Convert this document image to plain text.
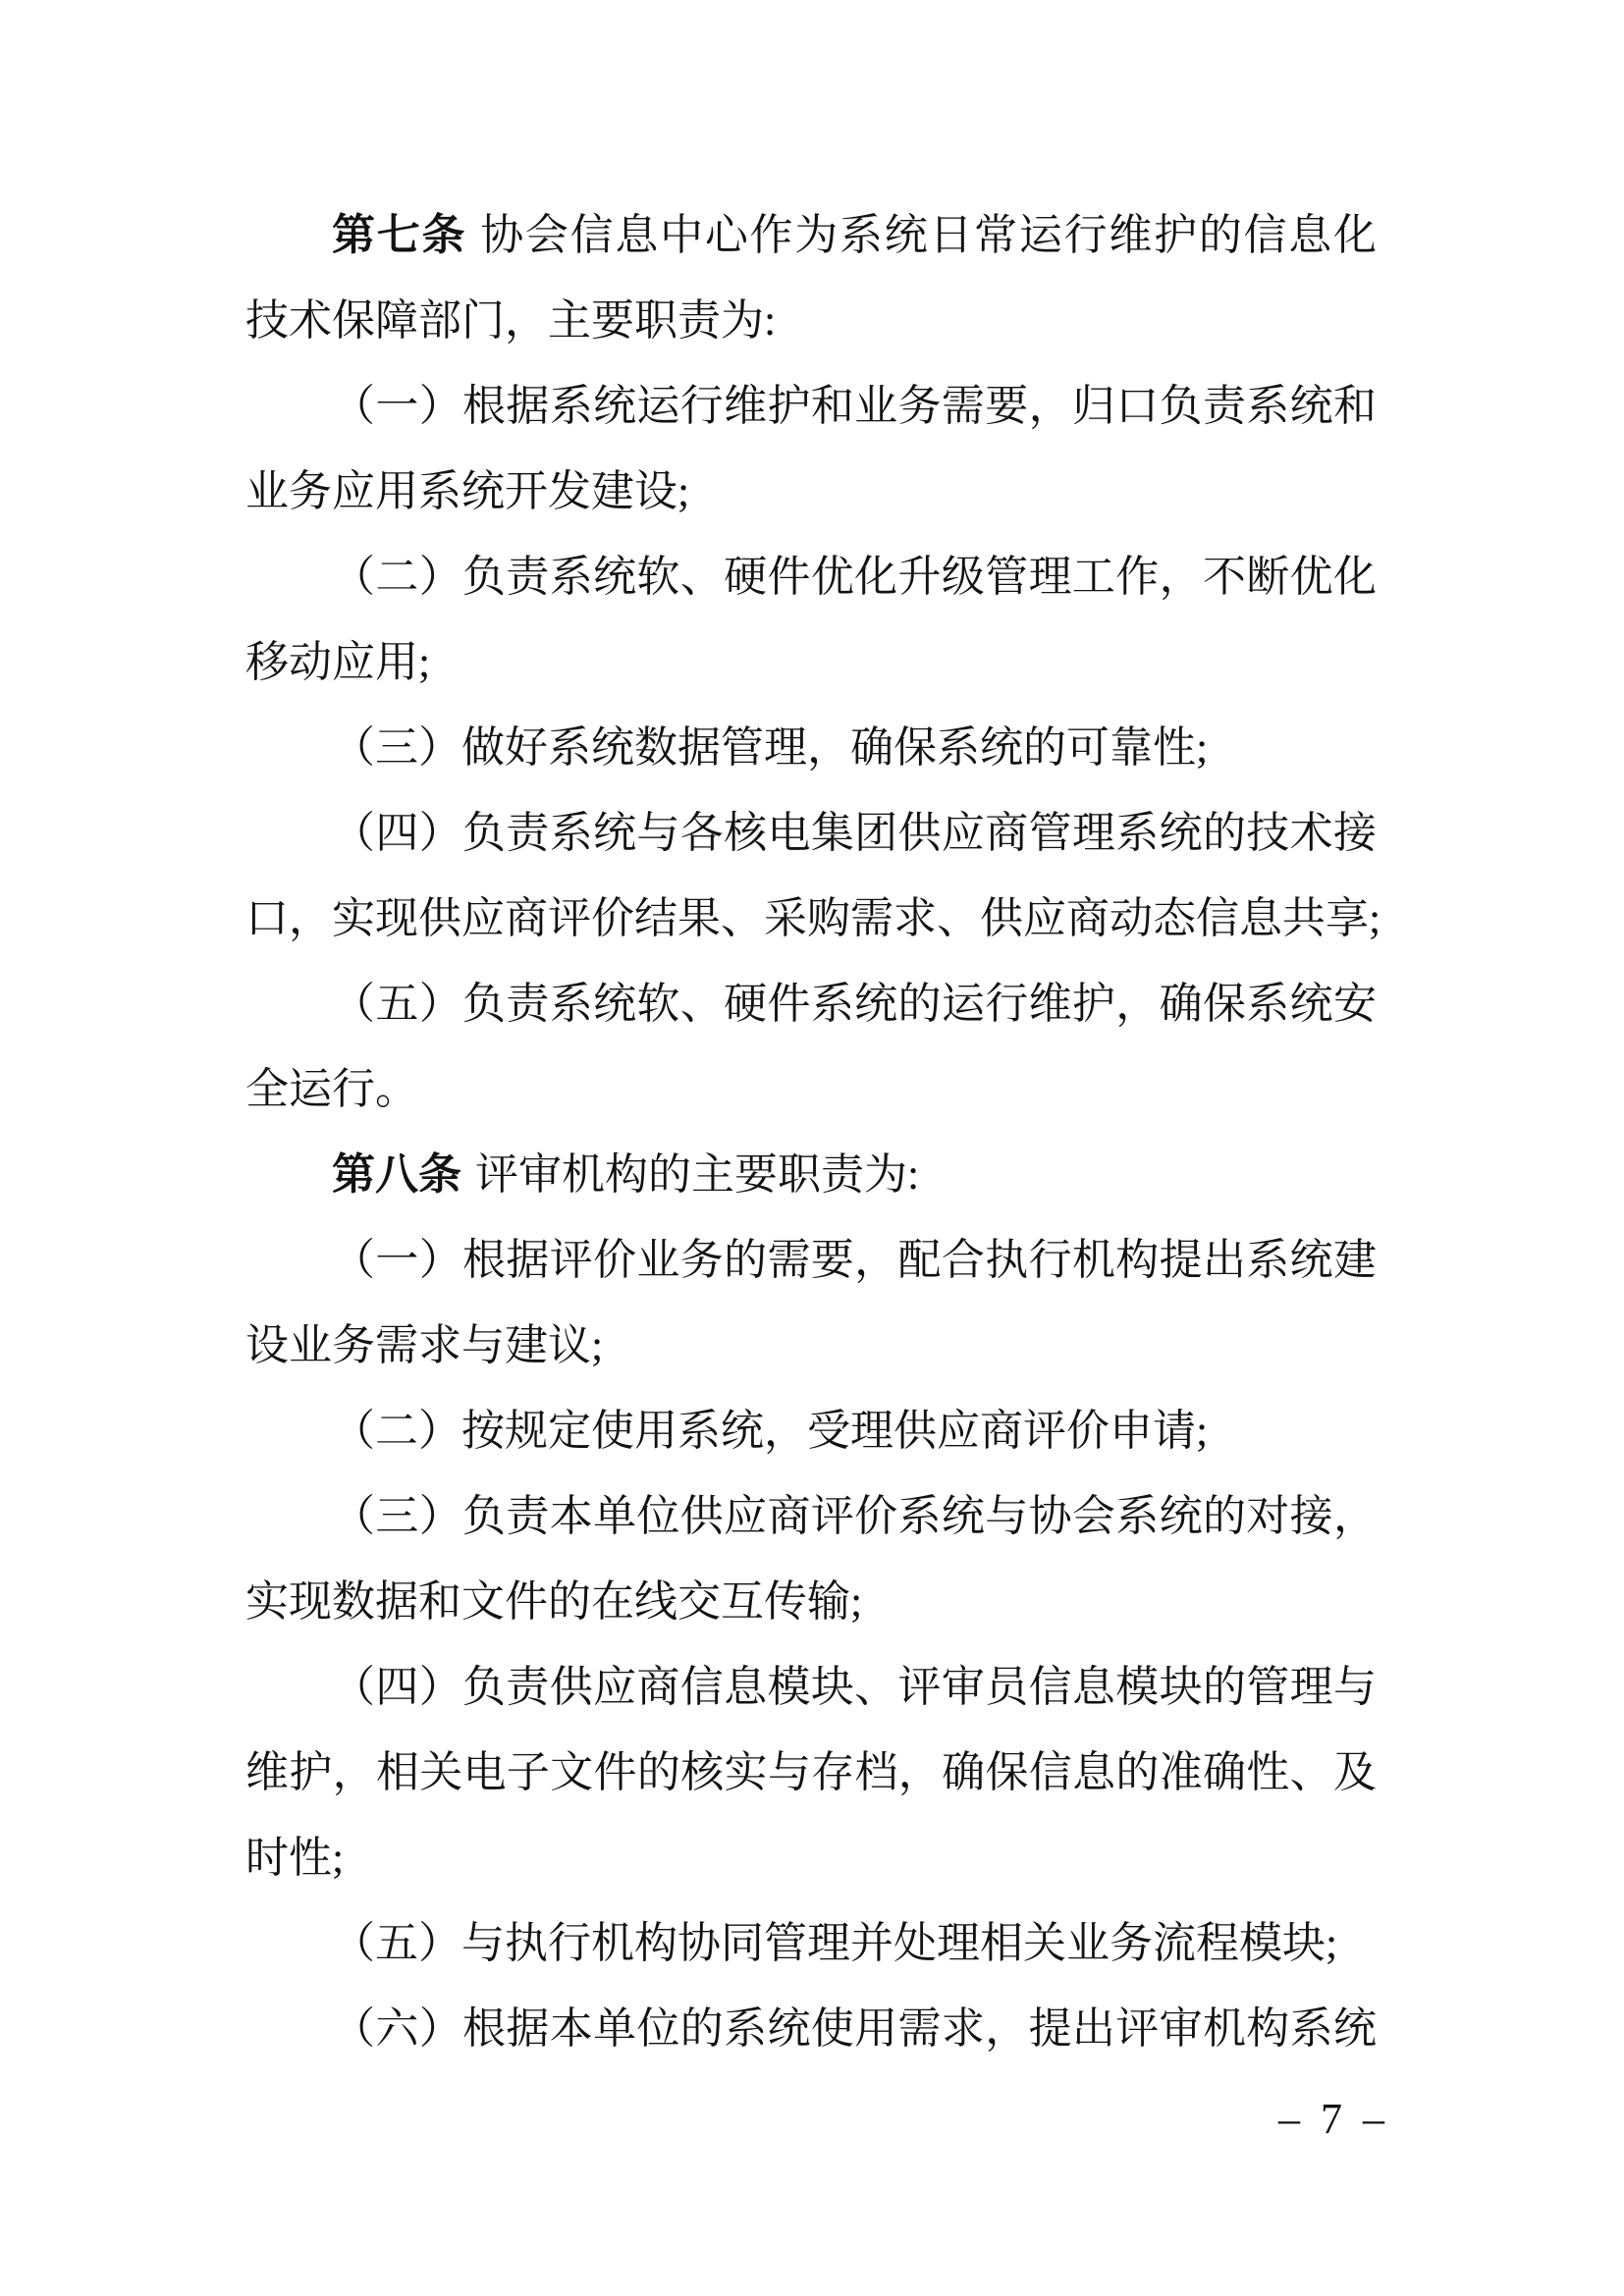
第七条 协会信息中心作为系统日常运行维护的信息化
技术保障部门，主要职责为:
（一）根据系统运行维护和业务需要，归口负责系统和
业务应用系统开发建设;
（二）负责系统软、硬件优化升级管理工作，不断优化
移动应用;
（三）做好系统数据管理，确保系统的可靠性;
（四）负责系统与各核电集团供应商管理系统的技术接
口，实现供应商评价结果、采购需求、供应商动态信息共享;
（五）负责系统软、硬件系统的运行维护，确保系统安
全运行。
第八条 评审机构的主要职责为:
（一）根据评价业务的需要，配合执行机构提出系统建
设业务需求与建议;
（二）按规定使用系统，受理供应商评价申请;
（三）负责本单位供应商评价系统与协会系统的对接，
实现数据和文件的在线交互传输;
（四）负责供应商信息模块、评审员信息模块的管理与
维护，相关电子文件的核实与存档，确保信息的准确性、及
时性;
（五）与执行机构协同管理并处理相关业务流程模块;
（六）根据本单位的系统使用需求，提出评审机构系统
– 7 –
